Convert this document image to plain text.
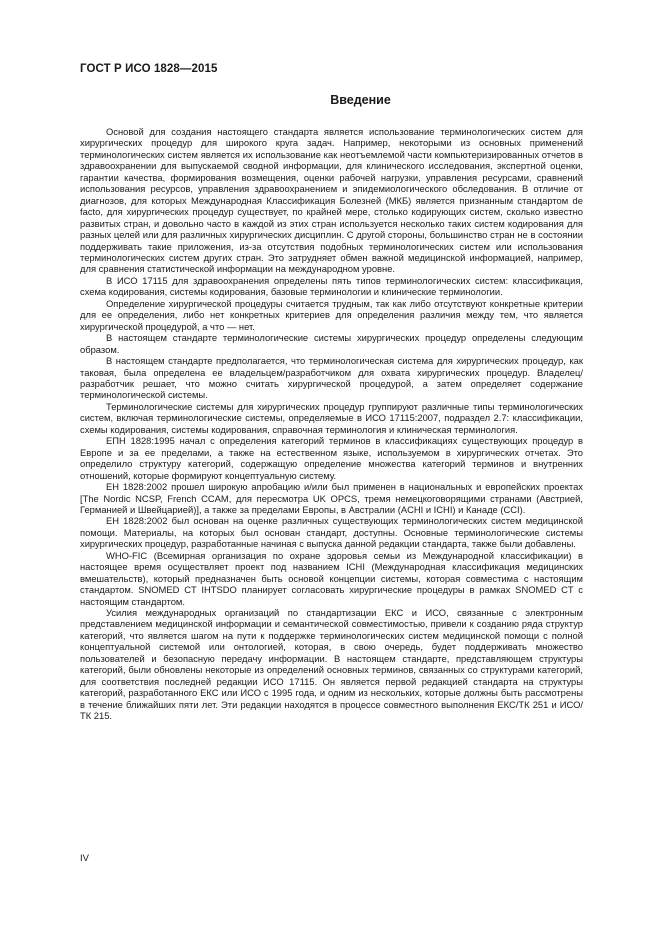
ГОСТ Р ИСО 1828—2015
Введение

Основой для создания настоящего стандарта является использование терминологических систем для хирургических процедур для широкого круга задач. Например, некоторыми из основных применений терминологических систем является их использование как неотъемлемой части компьютеризированных отчетов в здравоохранении для выпускаемой сводной информации, для клинического исследования, экспертной оценки, гарантии качества, формирования возмещения, оценки рабочей нагрузки, управления ресурсами, сравнений использования ресурсов, управления здравоохранением и эпидемиологического обследования. В отличие от диагнозов, для которых Международная Классификация Болезней (МКБ) является признанным стандартом de facto, для хирургических процедур существует, по крайней мере, столько кодирующих систем, сколько известно развитых стран, и довольно часто в каждой из этих стран используется несколько таких систем кодирования для разных целей или для различных хирургических дисциплин. С другой стороны, большинство стран не в состоянии поддерживать такие приложения, из-за отсутствия подобных терминологических систем или использования терминологических систем других стран. Это затрудняет обмен важной медицинской информацией, например, для сравнения статистической информации на международном уровне.

В ИСО 17115 для здравоохранения определены пять типов терминологических систем: классификация, схема кодирования, системы кодирования, базовые терминологии и клинические терминологии.

Определение хирургической процедуры считается трудным, так как либо отсутствуют конкретные критерии для ее определения, либо нет конкретных критериев для определения различия между тем, что является хирургической процедурой, а что — нет.

В настоящем стандарте терминологические системы хирургических процедур определены следующим образом.

В настоящем стандарте предполагается, что терминологическая система для хирургических процедур, как таковая, была определена ее владельцем/разработчиком для охвата хирургических процедур. Владелец/разработчик решает, что можно считать хирургической процедурой, а затем определяет содержание терминологической системы.

Терминологические системы для хирургических процедур группируют различные типы терминологических систем, включая терминологические системы, определяемые в ИСО 17115:2007, подраздел 2.7: классификации, схемы кодирования, системы кодирования, справочная терминология и клиническая терминология.

ЕПН 1828:1995 начал с определения категорий терминов в классификациях существующих процедур в Европе и за ее пределами, а также на естественном языке, используемом в хирургических отчетах. Это определило структуру категорий, содержащую определение множества категорий терминов и внутренних отношений, которые формируют концептуальную систему.

ЕН 1828:2002 прошел широкую апробацию и/или был применен в национальных и европейских проектах [The Nordic NCSP, French CCAM, для пересмотра UK OPCS, тремя немецкоговорящими странами (Австрией, Германией и Швейцарией)], а также за пределами Европы, в Австралии (ACHI и ICHI) и Канаде (CCI).

ЕН 1828:2002 был основан на оценке различных существующих терминологических систем медицинской помощи. Материалы, на которых был основан стандарт, доступны. Основные терминологические системы хирургических процедур, разработанные начиная с выпуска данной редакции стандарта, также были добавлены.

WHO-FIC (Всемирная организация по охране здоровья семьи из Международной классификации) в настоящее время осуществляет проект под названием ICHI (Международная классификация медицинских вмешательств), который предназначен быть основой концепции системы, которая совместима с настоящим стандартом. SNOMED CT IHTSDO планирует согласовать хирургические процедуры в рамках SNOMED CT с настоящим стандартом.

Усилия международных организаций по стандартизации ЕКС и ИСО, связанные с электронным представлением медицинской информации и семантической совместимостью, привели к созданию ряда структур категорий, что является шагом на пути к поддержке терминологических систем медицинской помощи с полной концептуальной системой или онтологией, которая, в свою очередь, будет поддерживать множество пользователей и безопасную передачу информации. В настоящем стандарте, представляющем структуры категорий, были обновлены некоторые из определений основных терминов, связанных со структурами категорий, для соответствия последней редакции ИСО 17115. Он является первой редакцией стандарта на структуры категорий, разработанного ЕКС или ИСО с 1995 года, и одним из нескольких, которые должны быть рассмотрены в течение ближайших пяти лет. Эти редакции находятся в процессе совместного выполнения ЕКС/ТК 251 и ИСО/ТК 215.

IV
